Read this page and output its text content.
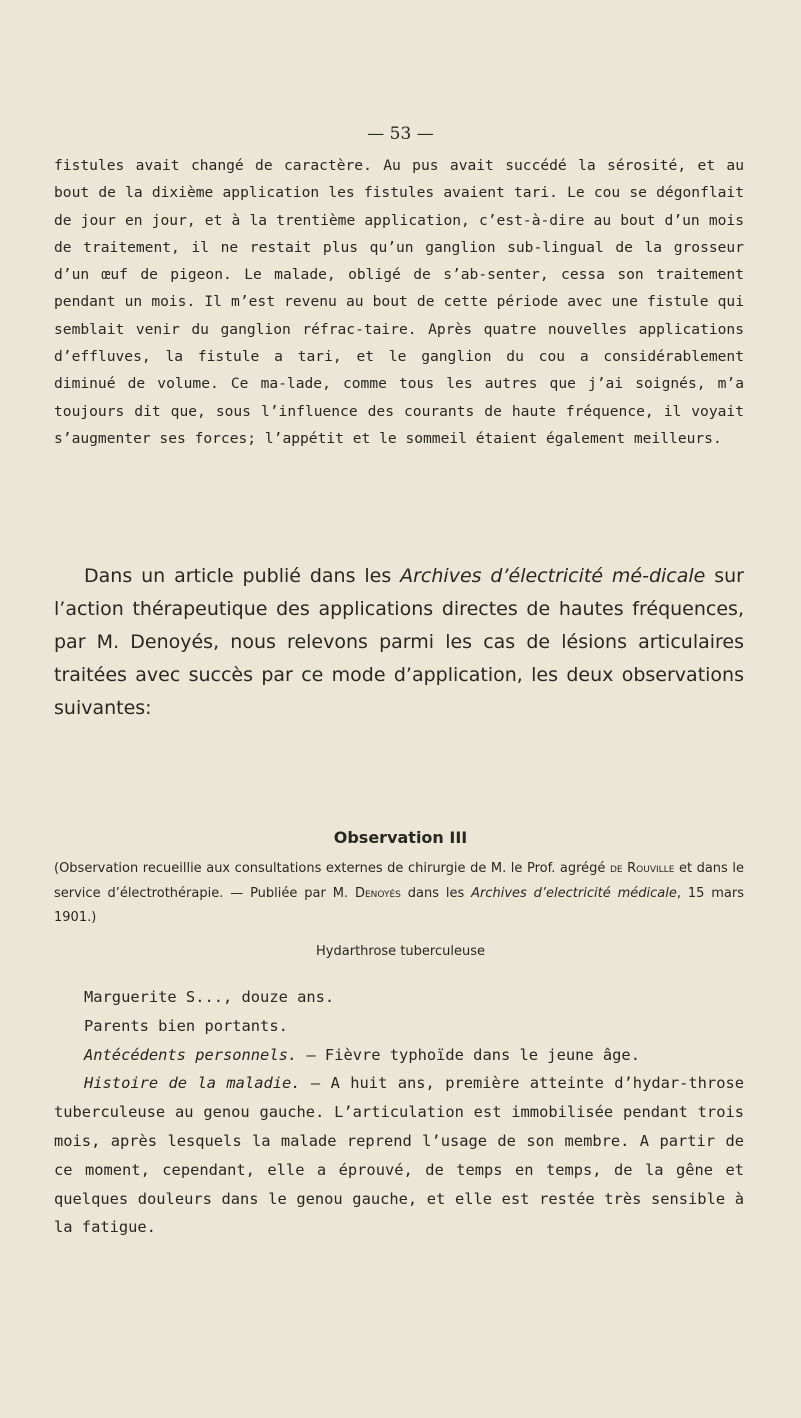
— 53 —

fistules avait changé de caractère. Au pus avait succédé la sérosité, et au bout de la dixième application les fistules avaient tari. Le cou se dégonflait de jour en jour, et à la trentième application, c’est-à-dire au bout d’un mois de traitement, il ne restait plus qu’un ganglion sub-lingual de la grosseur d’un œuf de pigeon. Le malade, obligé de s’ab-senter, cessa son traitement pendant un mois. Il m’est revenu au bout de cette période avec une fistule qui semblait venir du ganglion réfrac-taire. Après quatre nouvelles applications d’effluves, la fistule a tari, et le ganglion du cou a considérablement diminué de volume. Ce ma-lade, comme tous les autres que j’ai soignés, m’a toujours dit que, sous l’influence des courants de haute fréquence, il voyait s’augmenter ses forces; l’appétit et le sommeil étaient également meilleurs.

Dans un article publié dans les Archives d’électricité mé-dicale sur l’action thérapeutique des applications directes de hautes fréquences, par M. Denoyés, nous relevons parmi les cas de lésions articulaires traitées avec succès par ce mode d’application, les deux observations suivantes:

Observation III

(Observation recueillie aux consultations externes de chirurgie de M. le Prof. agrégé de Rouville et dans le service d’électrothérapie. — Publiée par M. Denoyés dans les Archives d’electricité médicale, 15 mars 1901.)

Hydarthrose tuberculeuse

Marguerite S..., douze ans.

Parents bien portants.

Antécédents personnels. — Fièvre typhoïde dans le jeune âge.

Histoire de la maladie. — A huit ans, première atteinte d’hydar-throse tuberculeuse au genou gauche. L’articulation est immobilisée pendant trois mois, après lesquels la malade reprend l’usage de son membre. A partir de ce moment, cependant, elle a éprouvé, de temps en temps, de la gêne et quelques douleurs dans le genou gauche, et elle est restée très sensible à la fatigue.
